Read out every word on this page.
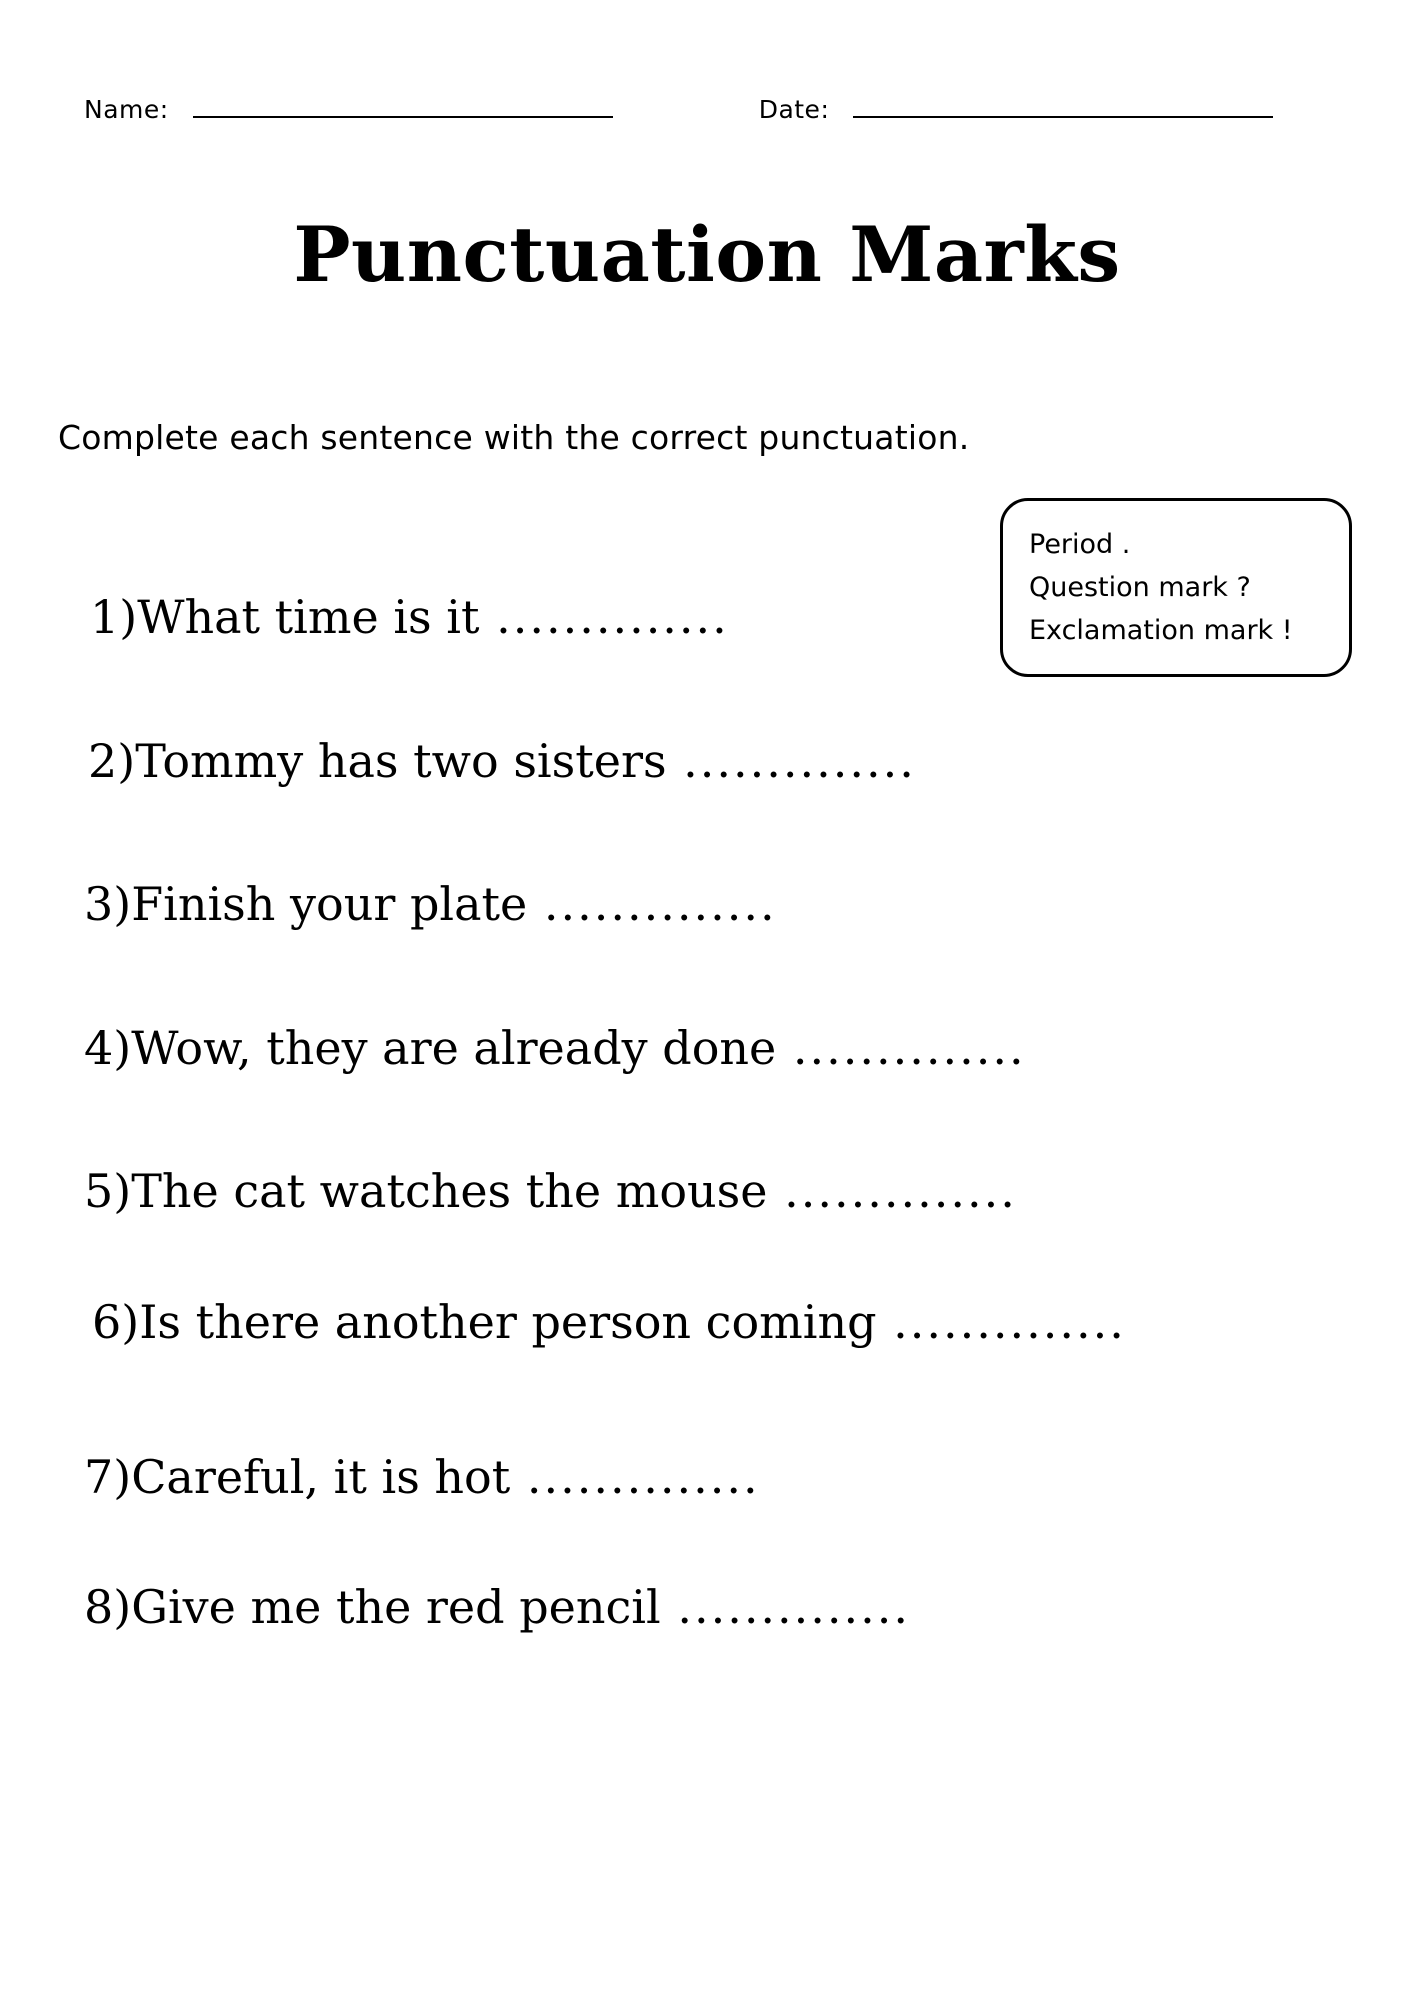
Name:	Date:
Punctuation Marks
Complete each sentence with the correct punctuation.
Period .
Question mark ?
Exclamation mark !
1)What time is it ..............
2)Tommy has two sisters ..............
3)Finish your plate ..............
4)Wow, they are already done ..............
5)The cat watches the mouse ..............
6)Is there another person coming ..............
7)Careful, it is hot ..............
8)Give me the red pencil ..............
